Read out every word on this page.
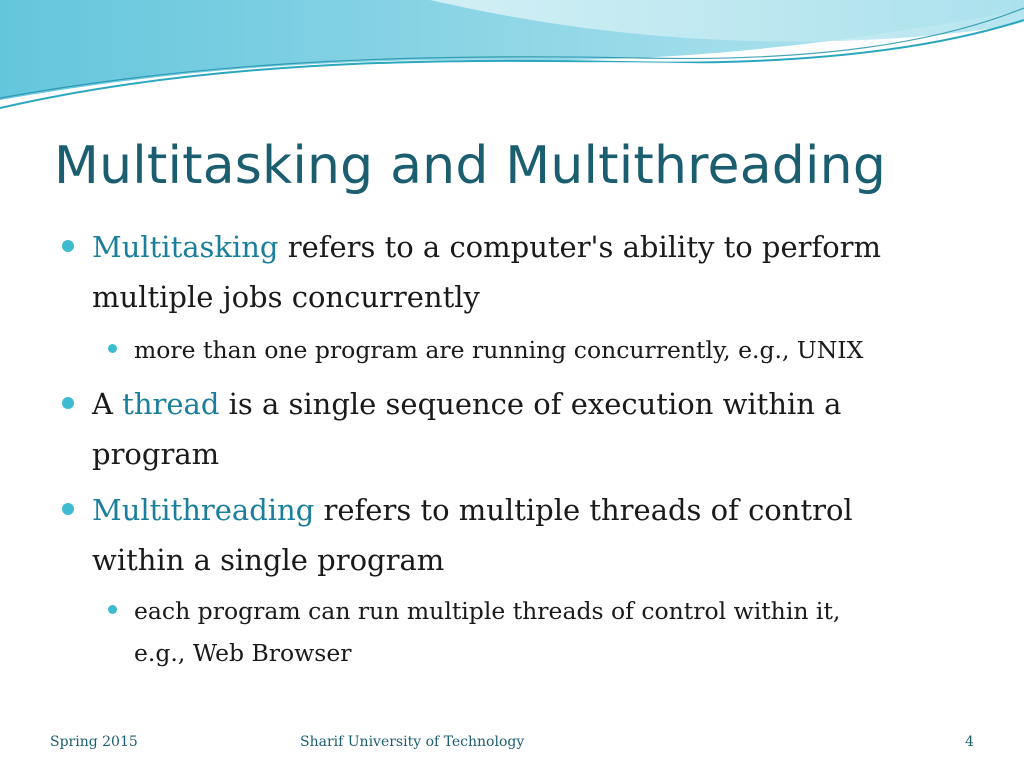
Multitasking and Multithreading
Multitasking refers to a computer's ability to perform
multiple jobs concurrently
more than one program are running concurrently, e.g., UNIX
A thread is a single sequence of execution within a
program
Multithreading refers to multiple threads of control
within a single program
each program can run multiple threads of control within it,
e.g., Web Browser
Spring 2015	Sharif University of Technology	4
